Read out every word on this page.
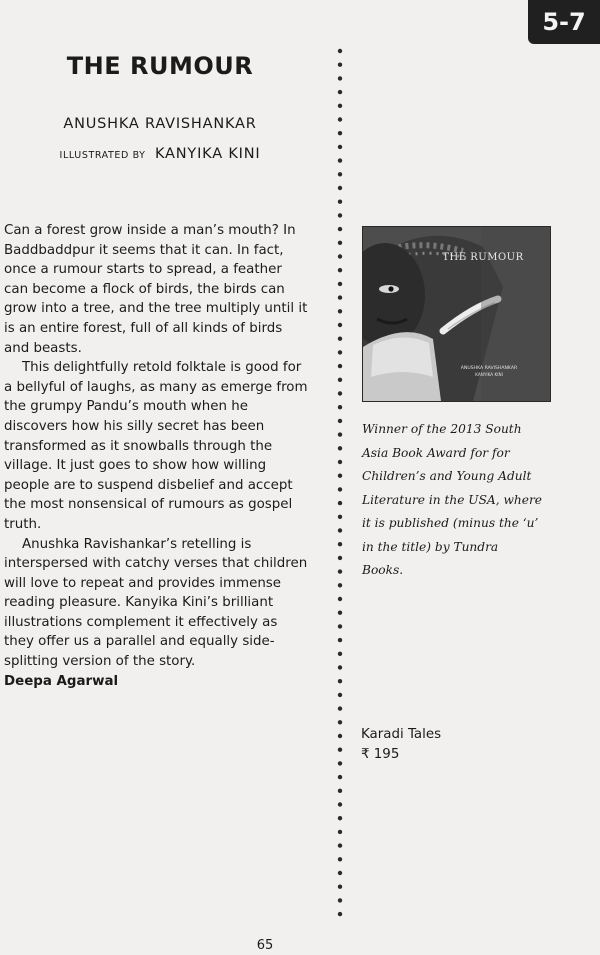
5-7
THE RUMOUR
ANUSHKA RAVISHANKAR
ILLUSTRATED BY KANYIKA KINI

Can a forest grow inside a man’s mouth? In Baddbaddpur it seems that it can. In fact, once a rumour starts to spread, a feather can become a flock of birds, the birds can grow into a tree, and the tree multiply until it is an entire forest, full of all kinds of birds and beasts.

This delightfully retold folktale is good for a bellyful of laughs, as many as emerge from the grumpy Pandu’s mouth when he discovers how his silly secret has been transformed as it snowballs through the village. It just goes to show how willing people are to suspend disbelief and accept the most nonsensical of rumours as gospel truth.

Anushka Ravishankar’s retelling is interspersed with catchy verses that children will love to repeat and provides immense reading pleasure. Kanyika Kini’s brilliant illustrations complement it effectively as they offer us a parallel and equally side-splitting version of the story.

Deepa Agarwal

THE RUMOUR
ANUSHKA RAVISHANKAR
KANYIKA KINI
Winner of the 2013 South Asia Book Award for for Children’s and Young Adult Literature in the USA, where it is published (minus the ‘u’ in the title) by Tundra Books.
Karadi Tales
₹ 195
65
